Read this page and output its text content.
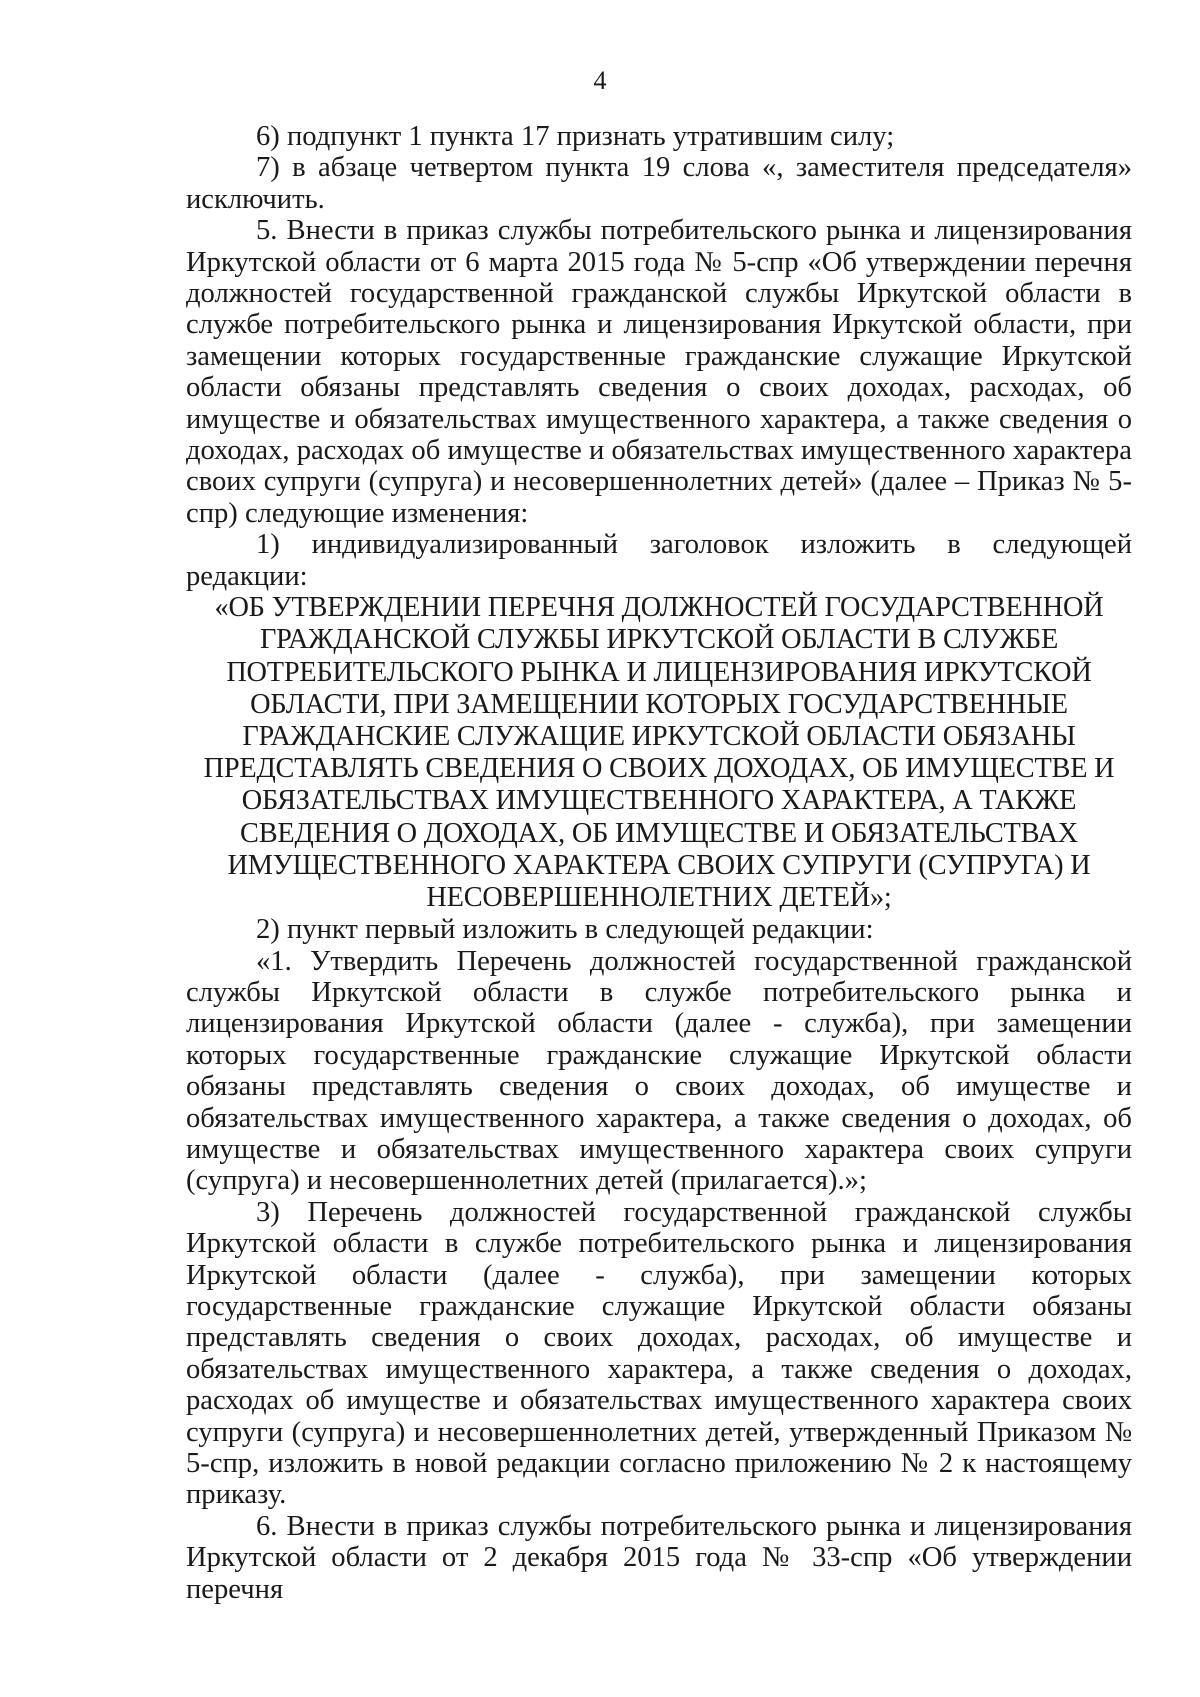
4

6) подпункт 1 пункта 17 признать утратившим силу;

7) в абзаце четвертом пункта 19 слова «, заместителя председателя» исключить.

5. Внести в приказ службы потребительского рынка и лицензирования Иркутской области от 6 марта 2015 года № 5-спр «Об утверждении перечня должностей государственной гражданской службы Иркутской области в службе потребительского рынка и лицензирования Иркутской области, при замещении которых государственные гражданские служащие Иркутской области обязаны представлять сведения о своих доходах, расходах, об имуществе и обязательствах имущественного характера, а также сведения о доходах, расходах об имуществе и обязательствах имущественного характера своих супруги (супруга) и несовершеннолетних детей» (далее – Приказ № 5-спр) следующие изменения:

1) индивидуализированный заголовок изложить в следующей редакции:

«ОБ УТВЕРЖДЕНИИ ПЕРЕЧНЯ ДОЛЖНОСТЕЙ ГОСУДАРСТВЕННОЙ ГРАЖДАНСКОЙ СЛУЖБЫ ИРКУТСКОЙ ОБЛАСТИ В СЛУЖБЕ ПОТРЕБИТЕЛЬСКОГО РЫНКА И ЛИЦЕНЗИРОВАНИЯ ИРКУТСКОЙ ОБЛАСТИ, ПРИ ЗАМЕЩЕНИИ КОТОРЫХ ГОСУДАРСТВЕННЫЕ ГРАЖДАНСКИЕ СЛУЖАЩИЕ ИРКУТСКОЙ ОБЛАСТИ ОБЯЗАНЫ ПРЕДСТАВЛЯТЬ СВЕДЕНИЯ О СВОИХ ДОХОДАХ, ОБ ИМУЩЕСТВЕ И ОБЯЗАТЕЛЬСТВАХ ИМУЩЕСТВЕННОГО ХАРАКТЕРА, А ТАКЖЕ СВЕДЕНИЯ О ДОХОДАХ, ОБ ИМУЩЕСТВЕ И ОБЯЗАТЕЛЬСТВАХ ИМУЩЕСТВЕННОГО ХАРАКТЕРА СВОИХ СУПРУГИ (СУПРУГА) И НЕСОВЕРШЕННОЛЕТНИХ ДЕТЕЙ»;

2) пункт первый изложить в следующей редакции:

«1. Утвердить Перечень должностей государственной гражданской службы Иркутской области в службе потребительского рынка и лицензирования Иркутской области (далее - служба), при замещении которых государственные гражданские служащие Иркутской области обязаны представлять сведения о своих доходах, об имуществе и обязательствах имущественного характера, а также сведения о доходах, об имуществе и обязательствах имущественного характера своих супруги (супруга) и несовершеннолетних детей (прилагается).»;

3) Перечень должностей государственной гражданской службы Иркутской области в службе потребительского рынка и лицензирования Иркутской области (далее - служба), при замещении которых государственные гражданские служащие Иркутской области обязаны представлять сведения о своих доходах, расходах, об имуществе и обязательствах имущественного характера, а также сведения о доходах, расходах об имуществе и обязательствах имущественного характера своих супруги (супруга) и несовершеннолетних детей, утвержденный Приказом № 5-спр, изложить в новой редакции согласно приложению № 2 к настоящему приказу.

6. Внести в приказ службы потребительского рынка и лицензирования Иркутской области от 2 декабря 2015 года № 33-спр «Об утверждении перечня
